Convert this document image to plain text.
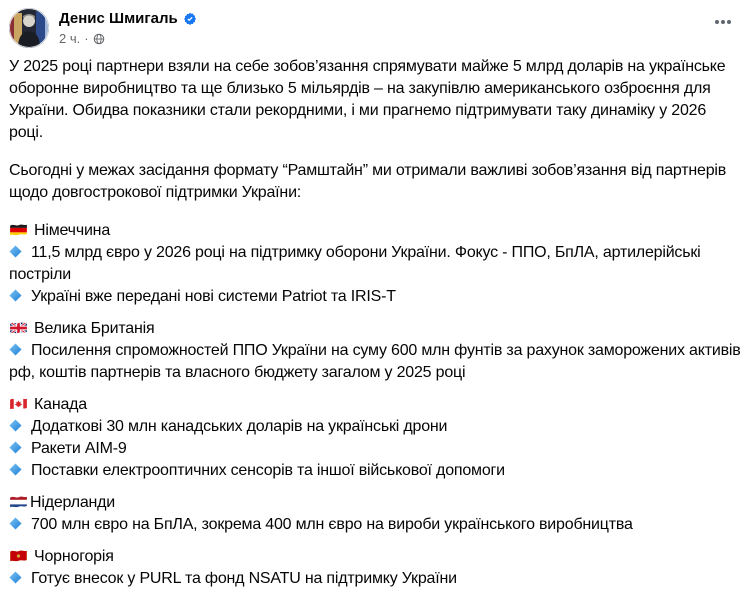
Денис Шмигаль
2 ч. ·

У 2025 році партнери взяли на себе зобов’язання спрямувати майже 5 млрд доларів на українське оборонне виробництво та ще близько 5 мільярдів – на закупівлю американського озброєння для України. Обидва показники стали рекордними, і ми прагнемо підтримувати таку динаміку у 2026 році.

Сьогодні у межах засідання формату “Рамштайн” ми отримали важливі зобов’язання від партнерів щодо довгострокової підтримки України:

Німеччина
11,5 млрд євро у 2026 році на підтримку оборони України. Фокус - ППО, БпЛА, артилерійські постріли
Україні вже передані нові системи Patriot та IRIS-T
Велика Британія
Посилення спроможностей ППО України на суму 600 млн фунтів за рахунок заморожених активів рф, коштів партнерів та власного бюджету загалом у 2025 році
Канада
Додаткові 30 млн канадських доларів на українські дрони
Ракети AIM-9
Поставки електрооптичних сенсорів та іншої військової допомоги
Нідерланди
700 млн євро на БпЛА, зокрема 400 млн євро на вироби українського виробництва
Чорногорія
Готує внесок у PURL та фонд NSATU на підтримку України
